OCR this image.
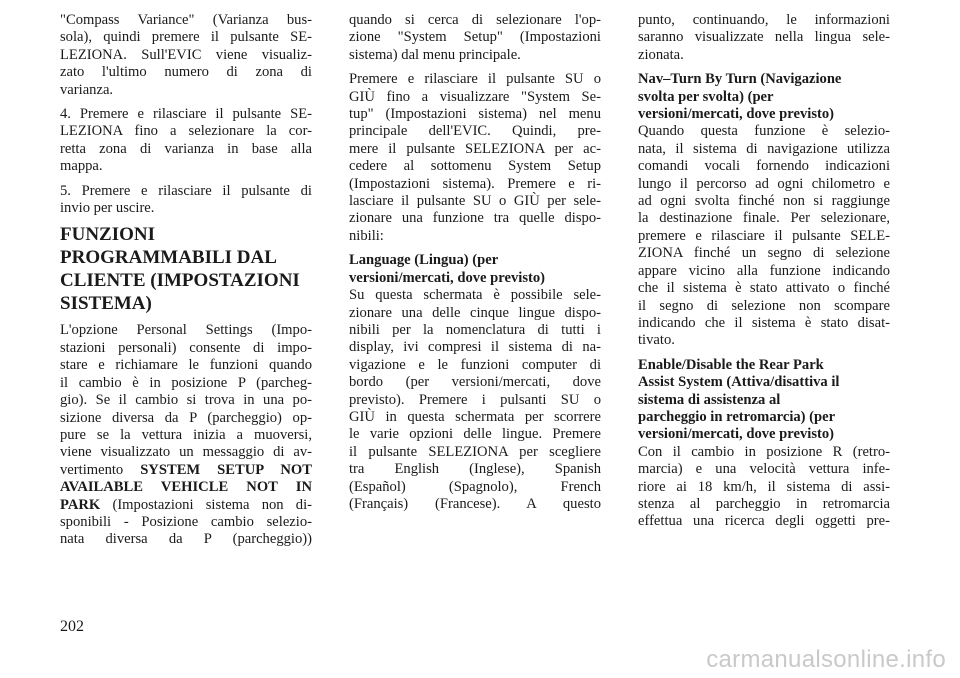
"Compass Variance" (Varianza bus-
sola), quindi premere il pulsante SE-
LEZIONA. Sull'EVIC viene visualiz-
zato l'ultimo numero di zona di
varianza.
4. Premere e rilasciare il pulsante SE-
LEZIONA fino a selezionare la cor-
retta zona di varianza in base alla
mappa.
5. Premere e rilasciare il pulsante di
invio per uscire.
FUNZIONI
PROGRAMMABILI DAL
CLIENTE (IMPOSTAZIONI
SISTEMA)
L'opzione Personal Settings (Impo-
stazioni personali) consente di impo-
stare e richiamare le funzioni quando
il cambio è in posizione P (parcheg-
gio). Se il cambio si trova in una po-
sizione diversa da P (parcheggio) op-
pure se la vettura inizia a muoversi,
viene visualizzato un messaggio di av-
vertimento SYSTEM SETUP NOT
AVAILABLE VEHICLE NOT IN
PARK (Impostazioni sistema non di-
sponibili - Posizione cambio selezio-
nata diversa da P (parcheggio))
quando si cerca di selezionare l'op-
zione "System Setup" (Impostazioni
sistema) dal menu principale.
Premere e rilasciare il pulsante SU o
GIÙ fino a visualizzare "System Se-
tup" (Impostazioni sistema) nel menu
principale dell'EVIC. Quindi, pre-
mere il pulsante SELEZIONA per ac-
cedere al sottomenu System Setup
(Impostazioni sistema). Premere e ri-
lasciare il pulsante SU o GIÙ per sele-
zionare una funzione tra quelle dispo-
nibili:
Language (Lingua) (per
versioni/mercati, dove previsto)
Su questa schermata è possibile sele-
zionare una delle cinque lingue dispo-
nibili per la nomenclatura di tutti i
display, ivi compresi il sistema di na-
vigazione e le funzioni computer di
bordo (per versioni/mercati, dove
previsto). Premere i pulsanti SU o
GIÙ in questa schermata per scorrere
le varie opzioni delle lingue. Premere
il pulsante SELEZIONA per scegliere
tra English (Inglese), Spanish
(Español) (Spagnolo), French
(Français) (Francese). A questo
punto, continuando, le informazioni
saranno visualizzate nella lingua sele-
zionata.
Nav–Turn By Turn (Navigazione
svolta per svolta) (per
versioni/mercati, dove previsto)
Quando questa funzione è selezio-
nata, il sistema di navigazione utilizza
comandi vocali fornendo indicazioni
lungo il percorso ad ogni chilometro e
ad ogni svolta finché non si raggiunge
la destinazione finale. Per selezionare,
premere e rilasciare il pulsante SELE-
ZIONA finché un segno di selezione
appare vicino alla funzione indicando
che il sistema è stato attivato o finché
il segno di selezione non scompare
indicando che il sistema è stato disat-
tivato.
Enable/Disable the Rear Park
Assist System (Attiva/disattiva il
sistema di assistenza al
parcheggio in retromarcia) (per
versioni/mercati, dove previsto)
Con il cambio in posizione R (retro-
marcia) e una velocità vettura infe-
riore ai 18 km/h, il sistema di assi-
stenza al parcheggio in retromarcia
effettua una ricerca degli oggetti pre-
202
carmanualsonline.info
